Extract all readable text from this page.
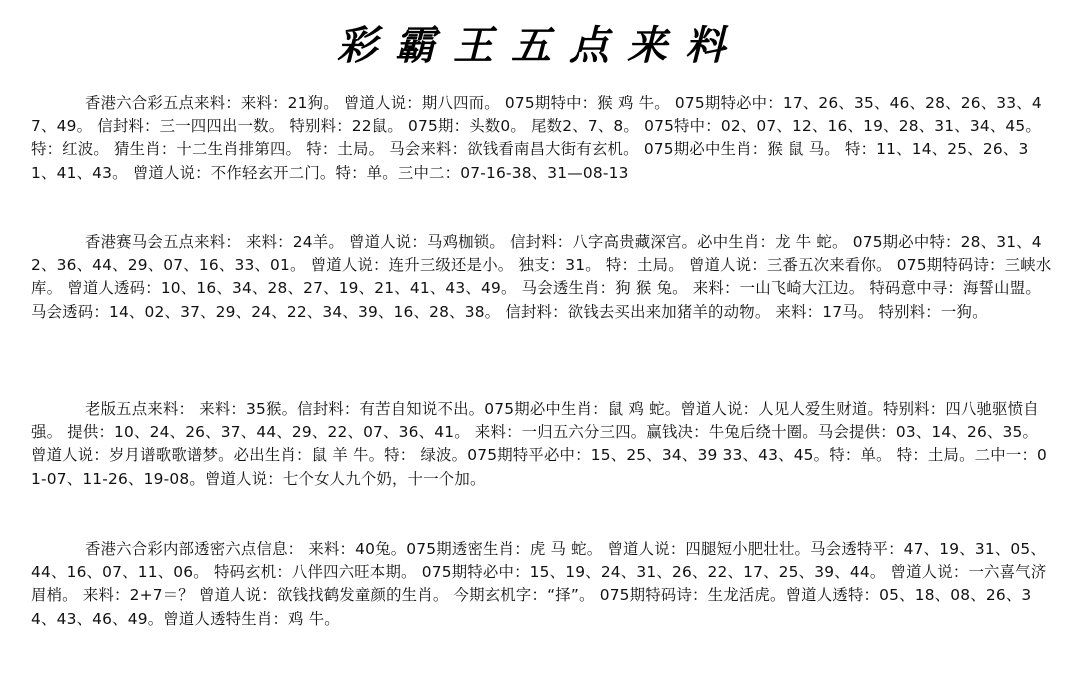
彩霸王五点来料
香港六合彩五点来料：来料：21狗。 曾道人说：期八四而。 075期特中：猴 鸡 牛。 075期特必中：17、26、35、46、28、26、33、47、49。 信封料：三一四四出一数。 特别料：22鼠。 075期：头数0。 尾数2、7、8。 075特中：02、07、12、16、19、28、31、34、45。 特：红波。 猜生肖：十二生肖排第四。 特：土局。 马会来料：欲钱看南昌大街有玄机。 075期必中生肖：猴 鼠 马。 特：11、14、25、26、31、41、43。 曾道人说：不作轻玄开二门。特：单。三中二：07-16-38、31—08-13
香港赛马会五点来料： 来料：24羊。 曾道人说：马鸡枷锁。 信封料：八字高贵藏深宫。必中生肖：龙 牛 蛇。 075期必中特：28、31、42、36、44、29、07、16、33、01。 曾道人说：连升三级还是小。 独支：31。 特：土局。 曾道人说：三番五次来看你。 075期特码诗：三峡水库。 曾道人透码：10、16、34、28、27、19、21、41、43、49。 马会透生肖：狗 猴 兔。 来料：一山飞崎大江边。 特码意中寻：海誓山盟。 马会透码：14、02、37、29、24、22、34、39、16、28、38。 信封料：欲钱去买出来加猪羊的动物。 来料：17马。 特别料：一狗。
老版五点来料： 来料：35猴。信封料：有苦自知说不出。075期必中生肖：鼠 鸡 蛇。曾道人说：人见人爱生财道。特别料：四八驰驱愤自强。 提供：10、24、26、37、44、29、22、07、36、41。 来料：一归五六分三四。赢钱决：牛兔后绕十圈。马会提供：03、14、26、35。 曾道人说：岁月谱歌歌谱梦。必出生肖：鼠 羊 牛。特： 绿波。075期特平必中：15、25、34、39 33、43、45。特：单。 特：土局。二中一：01-07、11-26、19-08。曾道人说：七个女人九个奶，十一个加。
香港六合彩内部透密六点信息： 来料：40兔。075期透密生肖：虎 马 蛇。 曾道人说：四腿短小肥壮壮。马会透特平：47、19、31、05、44、16、07、11、06。 特码玄机：八伴四六旺本期。 075期特必中：15、19、24、31、26、22、17、25、39、44。 曾道人说：一六喜气济眉梢。 来料：2+7＝？ 曾道人说：欲钱找鹤发童颜的生肖。 今期玄机字：“择”。 075期特码诗：生龙活虎。曾道人透特：05、18、08、26、34、43、46、49。曾道人透特生肖：鸡 牛。
